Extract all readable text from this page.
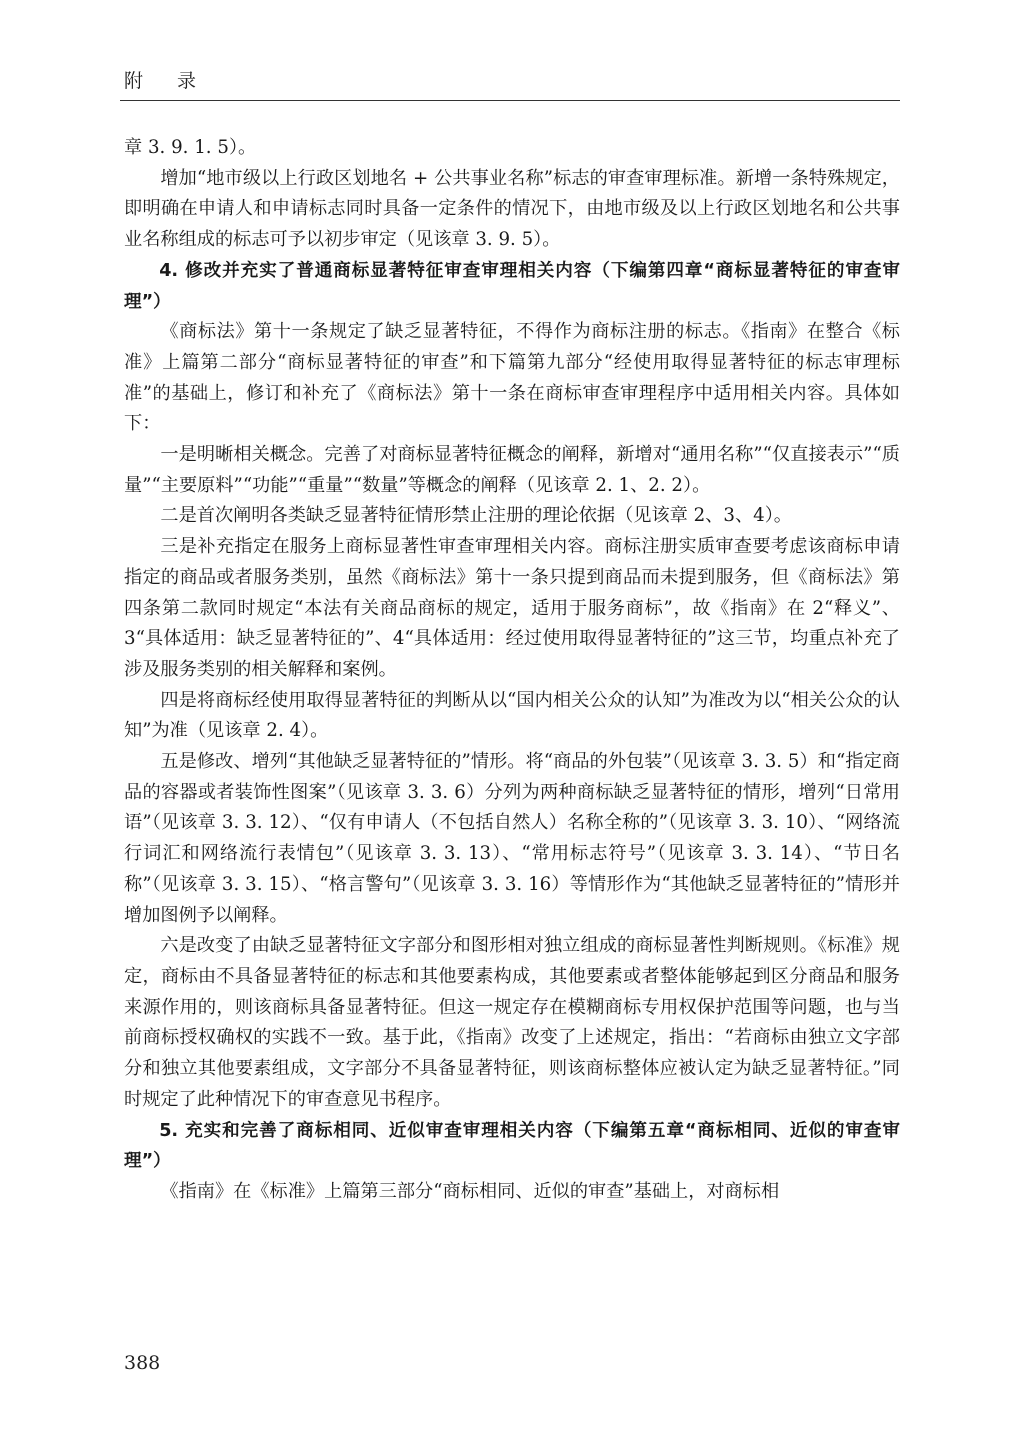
附 录

章 3. 9. 1. 5）。

增加“地市级以上行政区划地名 + 公共事业名称”标志的审查审理标准。新增一条特殊规定，即明确在申请人和申请标志同时具备一定条件的情况下，由地市级及以上行政区划地名和公共事业名称组成的标志可予以初步审定（见该章 3. 9. 5）。

4. 修改并充实了普通商标显著特征审查审理相关内容（下编第四章“商标显著特征的审查审理”）

《商标法》第十一条规定了缺乏显著特征，不得作为商标注册的标志。《指南》在整合《标准》上篇第二部分“商标显著特征的审查”和下篇第九部分“经使用取得显著特征的标志审理标准”的基础上，修订和补充了《商标法》第十一条在商标审查审理程序中适用相关内容。具体如下：

一是明晰相关概念。完善了对商标显著特征概念的阐释，新增对“通用名称”“仅直接表示”“质量”“主要原料”“功能”“重量”“数量”等概念的阐释（见该章 2. 1、2. 2）。

二是首次阐明各类缺乏显著特征情形禁止注册的理论依据（见该章 2、3、4）。

三是补充指定在服务上商标显著性审查审理相关内容。商标注册实质审查要考虑该商标申请指定的商品或者服务类别，虽然《商标法》第十一条只提到商品而未提到服务，但《商标法》第四条第二款同时规定“本法有关商品商标的规定，适用于服务商标”，故《指南》在 2“释义”、3“具体适用：缺乏显著特征的”、4“具体适用：经过使用取得显著特征的”这三节，均重点补充了涉及服务类别的相关解释和案例。

四是将商标经使用取得显著特征的判断从以“国内相关公众的认知”为准改为以“相关公众的认知”为准（见该章 2. 4）。

五是修改、增列“其他缺乏显著特征的”情形。将“商品的外包装”（见该章 3. 3. 5）和“指定商品的容器或者装饰性图案”（见该章 3. 3. 6）分列为两种商标缺乏显著特征的情形，增列“日常用语”（见该章 3. 3. 12）、“仅有申请人（不包括自然人）名称全称的”（见该章 3. 3. 10）、“网络流行词汇和网络流行表情包”（见该章 3. 3. 13）、“常用标志符号”（见该章 3. 3. 14）、“节日名称”（见该章 3. 3. 15）、“格言警句”（见该章 3. 3. 16）等情形作为“其他缺乏显著特征的”情形并增加图例予以阐释。

六是改变了由缺乏显著特征文字部分和图形相对独立组成的商标显著性判断规则。《标准》规定，商标由不具备显著特征的标志和其他要素构成，其他要素或者整体能够起到区分商品和服务来源作用的，则该商标具备显著特征。但这一规定存在模糊商标专用权保护范围等问题，也与当前商标授权确权的实践不一致。基于此，《指南》改变了上述规定，指出：“若商标由独立文字部分和独立其他要素组成，文字部分不具备显著特征，则该商标整体应被认定为缺乏显著特征。”同时规定了此种情况下的审查意见书程序。

5. 充实和完善了商标相同、近似审查审理相关内容（下编第五章“商标相同、近似的审查审理”）

《指南》在《标准》上篇第三部分“商标相同、近似的审查”基础上，对商标相

388
